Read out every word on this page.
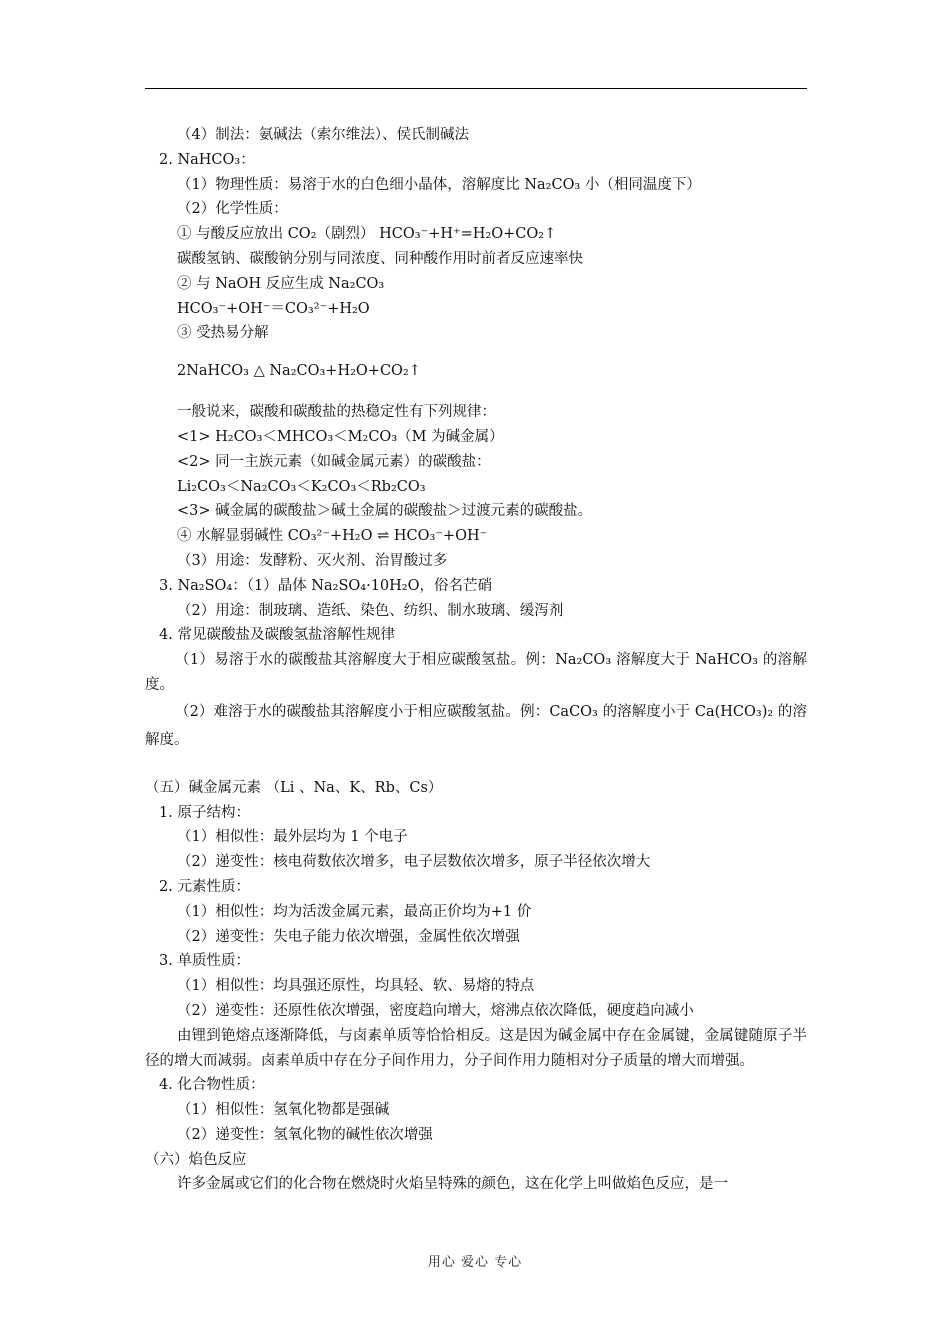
（4）制法：氨碱法（索尔维法）、侯氏制碱法
2. NaHCO₃：
（1）物理性质：易溶于水的白色细小晶体，溶解度比 Na₂CO₃ 小（相同温度下）
（2）化学性质：
① 与酸反应放出 CO₂（剧烈） HCO₃⁻+H⁺=H₂O+CO₂↑
碳酸氢钠、碳酸钠分别与同浓度、同种酸作用时前者反应速率快
② 与 NaOH 反应生成 Na₂CO₃
HCO₃⁻+OH⁻＝CO₃²⁻+H₂O
③ 受热易分解
2NaHCO₃ △ Na₂CO₃+H₂O+CO₂↑
一般说来，碳酸和碳酸盐的热稳定性有下列规律：
<1> H₂CO₃＜MHCO₃＜M₂CO₃（M 为碱金属）
<2> 同一主族元素（如碱金属元素）的碳酸盐：
Li₂CO₃＜Na₂CO₃＜K₂CO₃＜Rb₂CO₃
<3> 碱金属的碳酸盐＞碱土金属的碳酸盐＞过渡元素的碳酸盐。
④ 水解显弱碱性 CO₃²⁻+H₂O ⇌ HCO₃⁻+OH⁻
（3）用途：发酵粉、灭火剂、治胃酸过多
3. Na₂SO₄：（1）晶体 Na₂SO₄·10H₂O，俗名芒硝
（2）用途：制玻璃、造纸、染色、纺织、制水玻璃、缓泻剂
4. 常见碳酸盐及碳酸氢盐溶解性规律
（1）易溶于水的碳酸盐其溶解度大于相应碳酸氢盐。例：Na₂CO₃ 溶解度大于 NaHCO₃ 的溶解度。
（2）难溶于水的碳酸盐其溶解度小于相应碳酸氢盐。例：CaCO₃ 的溶解度小于 Ca(HCO₃)₂ 的溶解度。
（五）碱金属元素 （Li 、Na、K、Rb、Cs）
1. 原子结构：
（1）相似性：最外层均为 1 个电子
（2）递变性：核电荷数依次增多，电子层数依次增多，原子半径依次增大
2. 元素性质：
（1）相似性：均为活泼金属元素，最高正价均为+1 价
（2）递变性：失电子能力依次增强，金属性依次增强
3. 单质性质：
（1）相似性：均具强还原性，均具轻、软、易熔的特点
（2）递变性：还原性依次增强，密度趋向增大，熔沸点依次降低，硬度趋向减小
由锂到铯熔点逐渐降低，与卤素单质等恰恰相反。这是因为碱金属中存在金属键，金属键随原子半径的增大而减弱。卤素单质中存在分子间作用力，分子间作用力随相对分子质量的增大而增强。
4. 化合物性质：
（1）相似性：氢氧化物都是强碱
（2）递变性：氢氧化物的碱性依次增强
（六）焰色反应
许多金属或它们的化合物在燃烧时火焰呈特殊的颜色，这在化学上叫做焰色反应，是一
用心 爱心 专心
